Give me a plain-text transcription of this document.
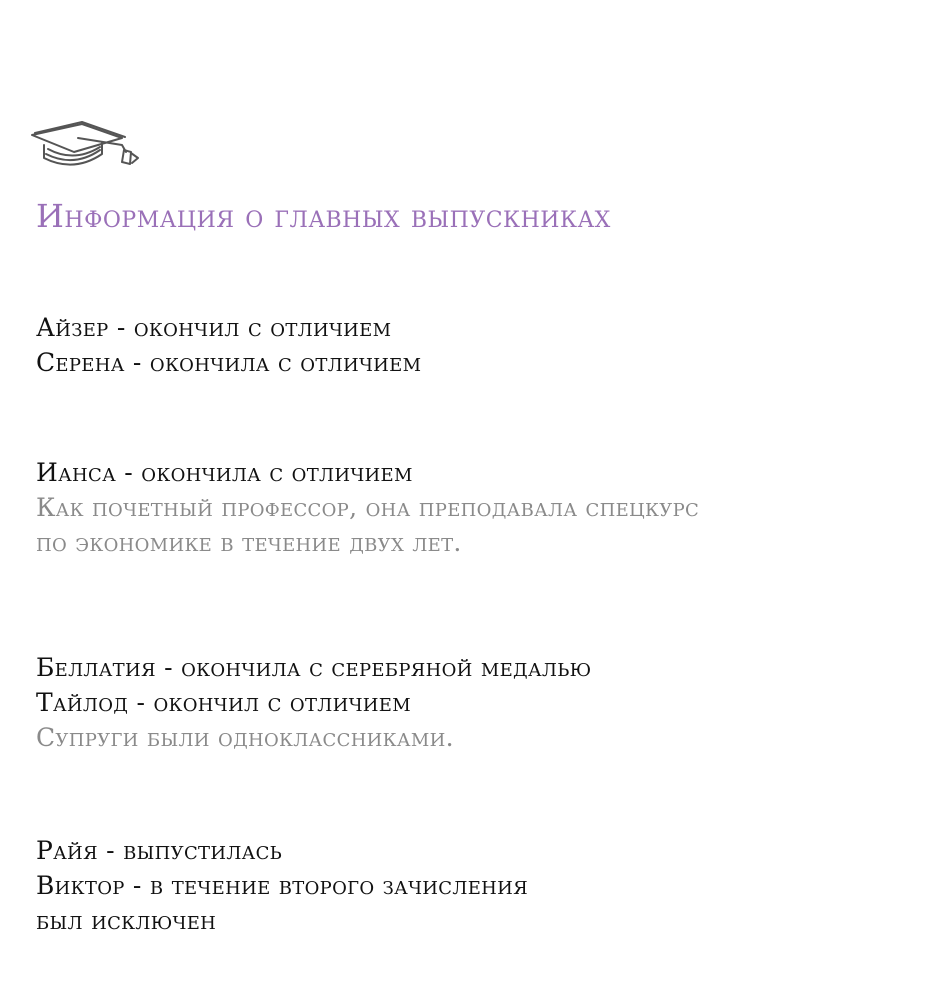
Информация о главных выпускниках
Айзер - окончил с отличием
Серена - окончила с отличием
Ианса - окончила с отличием
Как почетный профессор, она преподавала спецкурс
по экономике в течение двух лет.
Беллатия - окончила с серебряной медалью
Тайлод - окончил с отличием
Супруги были одноклассниками.
Райя - выпустилась
Виктор - в течение второго зачисления
был исключен
